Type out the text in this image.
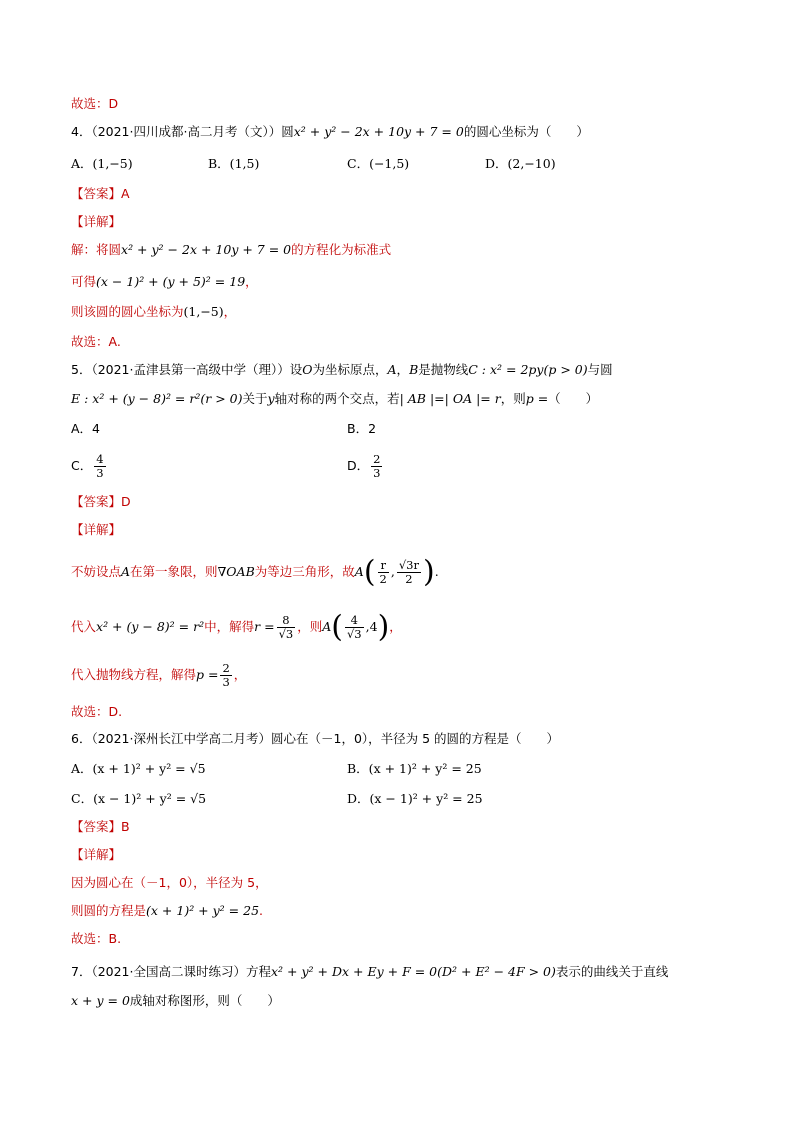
故选：D
4．（2021·四川成都·高二月考（文））圆x² + y² − 2x + 10y + 7 = 0的圆心坐标为（　　）
A．(1,−5)	B．(1,5)	C．(−1,5)	D．(2,−10)
【答案】A
【详解】
解：将圆x² + y² − 2x + 10y + 7 = 0的方程化为标准式
可得(x − 1)² + (y + 5)² = 19，
则该圆的圆心坐标为(1,−5)，
故选：A.
5．（2021·孟津县第一高级中学（理））设O为坐标原点，A，B是抛物线C : x² = 2py(p > 0)与圆
E : x² + (y − 8)² = r²(r > 0)关于y轴对称的两个交点，若| AB |=| OA |= r，则p =（　　）
A．4	B．2
C． $\frac{4}{3}$	D． $\frac{2}{3}$
【答案】D
【详解】
不妨设点A在第一象限，则∇OAB为等边三角形，故$A( \frac{r}{2}$ , $\frac{√3r}{2}$ ).
代入x² + (y − 8)² = r²中，解得$r = \frac{8}{√3}$ ，则$A( \frac{4}{√3} ,4)$，
代入抛物线方程，解得$p = \frac{2}{3}$ ，
故选：D.
6．（2021·深州长江中学高二月考）圆心在（－1，0），半径为 5 的圆的方程是（　　）
A．(x + 1)² + y² = √5	B．(x + 1)² + y² = 25
C．(x − 1)² + y² = √5	D．(x − 1)² + y² = 25
【答案】B
【详解】
因为圆心在（－1，0），半径为 5，
则圆的方程是(x + 1)² + y² = 25.
故选：B.
7．（2021·全国高二课时练习）方程x² + y² + Dx + Ey + F = 0(D² + E² − 4F > 0)表示的曲线关于直线
x + y = 0成轴对称图形，则（　　）
